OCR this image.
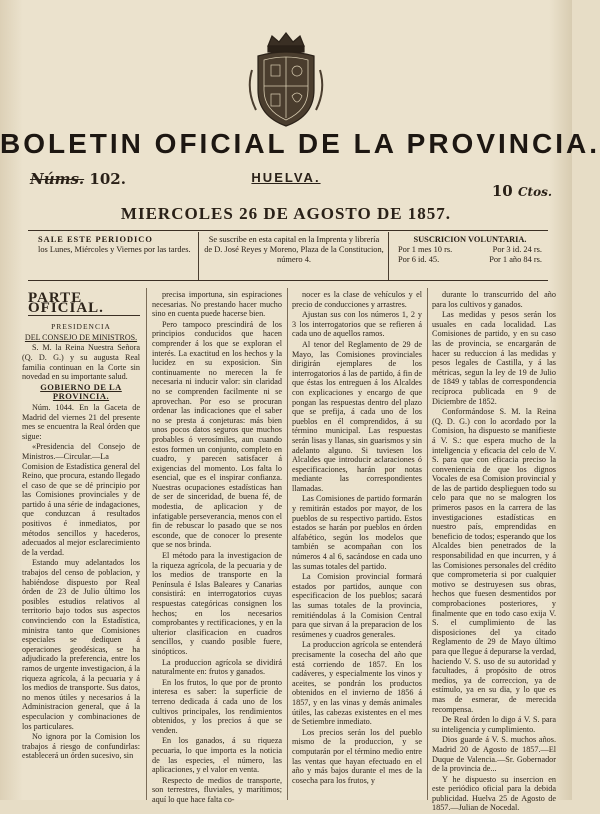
BOLETIN OFICIAL DE LA PROVINCIA.
Núms. 102.	HUELVA.
10 Ctos.
MIERCOLES 26 DE AGOSTO DE 1857.
SALE ESTE PERIODICO
los Lunes, Miércoles y Viernes por las tardes.
Se suscribe en esta capital en la Imprenta y librería de D. José Reyes y Moreno, Plaza de la Constitucion, número 4.
SUSCRICION VOLUNTARIA.
Por 1 mes 10 rs.	Por 3 id. 24 rs.
Por 6 id. 45.	Por 1 año 84 rs.
PARTE OFICIAL.

PRESIDENCIA

DEL CONSEJO DE MINISTROS.

S. M. la Reina Nuestra Señora (Q. D. G.) y su augusta Real familia continuan en la Corte sin novedad en su importante salud.

GOBIERNO DE LA PROVINCIA.

Núm. 1044. En la Gaceta de Madrid del viernes 21 del presente mes se encuentra la Real órden que sigue:

«Presidencia del Consejo de Ministros.—Circular.—La Comision de Estadística general del Reino, que procura, estando llegado el caso de que se dé principio por las Comisiones provinciales y de partido á una série de indagaciones, que conduzcan á resultados positivos é inmediatos, por métodos sencillos y hacederos, adecuados al mejor esclarecimiento de la verdad.

Estando muy adelantados los trabajos del censo de poblacion, y habiéndose dispuesto por Real órden de 23 de Julio último los posibles estudios relativos al territorio bajo todos sus aspectos convinciendo con la Estadística, ministra tanto que Comisiones especiales se dediquen á operaciones geodésicas, se ha adjudicado la preferencia, entre los ramos de urgente investigacion, á la riqueza agrícola, á la pecuaria y á los medios de transporte. Sus datos, no menos útiles y necesarios á la Administracion general, que á la especulacion y combinaciones de los particulares.

No ignora por la Comision los trabajos á riesgo de confundirlas: establecerá un órden sucesivo, sin

precisa importuna, sin espiraciones necesarias. No prestando hacer mucho sino en cuenta puede hacerse bien.

Pero tampoco prescindirá de los principios conducidos que hacen comprender á los que se exploran el interés. La exactitud en los hechos y la lucidez en su exposicion. Sin continuamente no merecen la fe necesaria ni inducir valor: sin claridad no se comprenden facilmente ni se aprovechan. Por eso se procuran ordenar las indicaciones que el saber no se presta á conjeturas: más bien unos pocos datos seguros que muchos probables ó verosímiles, aun cuando estos formen un conjunto, completo en cuadro, y parecen satisfacer á exigencias del momento. Los falta lo esencial, que es el inspirar confianza. Nuestras ocupaciones estadísticas han de ser de sinceridad, de buena fé, de modestia, de aplicacion y de infatigable perseverancia, menos con el fin de rebuscar lo pasado que se nos esconde, que de conocer lo presente que se nos brinda.

El método para la investigacion de la riqueza agrícola, de la pecuaria y de los medios de transporte en la Península é Islas Baleares y Canarias consistirá: en interrogatorios cuyas respuestas categóricas consignen los hechos; en los necesarios comprobantes y rectificaciones, y en la ulterior clasificacion en cuadros sencillos, y cuando posible fuere, sinópticos.

La produccion agrícola se dividirá naturalmente en: frutos y ganados.

En los frutos, lo que por de pronto interesa es saber: la superficie de terreno dedicada á cada uno de los cultivos principales, los rendimientos obtenidos, y los precios á que se venden.

En los ganados, á su riqueza pecuaria, lo que importa es la noticia de las especies, el número, las aplicaciones, y el valor en venta.

Respecto de medios de transporte, son terrestres, fluviales, y marítimos; aquí lo que hace falta co-

nocer es la clase de vehículos y el precio de conducciones y arrastres.

Ajustan sus con los números 1, 2 y 3 los interrogatorios que se refieren á cada uno de aquellos ramos.

Al tenor del Reglamento de 29 de Mayo, las Comisiones provinciales dirigirán ejemplares de los interrogatorios á las de partido, á fin de que éstas los entreguen á los Alcaldes con explicaciones y encargo de que pongan las respuestas dentro del plazo que se prefija, á cada uno de los pueblos en él comprendidos, á su término municipal. Las respuestas serán lisas y llanas, sin guarismos y sin adelanto alguno. Si tuviesen los Alcaldes que introducir aclaraciones ó especificaciones, harán por notas mediante las correspondientes llamadas.

Las Comisiones de partido formarán y remitirán estados por mayor, de los pueblos de su respectivo partido. Estos estados se harán por pueblos en órden alfabético, según los modelos que también se acompañan con los números 4 al 6, sacándose en cada uno las sumas totales del partido.

La Comision provincial formará estados por partidos, aunque con especificacion de los pueblos; sacará las sumas totales de la provincia, remitiéndolas á la Comision Central para que sirvan á la preparacion de los resúmenes y cuadros generales.

La produccion agrícola se entenderá precisamente la cosecha del año que está corriendo de 1857. En los cadáveres, y especialmente los vinos y aceites, se pondrán los productos obtenidos en el invierno de 1856 á 1857, y en las vinas y demás animales útiles, las cabezas existentes en el mes de Setiembre inmediato.

Los precios serán los del pueblo mismo de la produccion, y se computarán por el término medio entre las ventas que hayan efectuado en el año y más bajos durante el mes de la cosecha para los frutos, y

durante lo transcurrido del año para los cultivos y ganados.

Las medidas y pesos serán los usuales en cada localidad. Las Comisiones de partido, y en su caso las de provincia, se encargarán de hacer su reduccion á las medidas y pesos legales de Castilla, y á las métricas, segun la ley de 19 de Julio de 1849 y tablas de correspondencia recíproca publicada en 9 de Diciembre de 1852.

Conformándose S. M. la Reina (Q. D. G.) con lo acordado por la Comision, ha dispuesto se manifieste á V. S.: que espera mucho de la inteligencia y eficacia del celo de V. S. para que con eficacia preciso la conveniencia de que los dignos Vocales de esa Comision provincial y de las de partido desplieguen todo su celo para que no se malogren los primeros pasos en la carrera de las investigaciones estadísticas en nuestro país, emprendidas en beneficio de todos; esperando que los Alcaldes bien penetrados de la responsabilidad en que incurren, y á las Comisiones personales del crédito que comprometeria si por cualquier motivo se destruyesen sus obras, hechos que fuesen desmentidos por comprobaciones posteriores, y finalmente que en todo caso exija V. S. el cumplimiento de las disposiciones del ya citado Reglamento de 29 de Mayo último para que llegue á depurarse la verdad, haciendo V. S. uso de su autoridad y facultades, á propósito de otros medios, ya de correccion, ya de estímulo, ya en su dia, y lo que es mas de esmerar, de merecida recompensa.

De Real órden lo digo á V. S. para su inteligencia y cumplimiento.

Dios guarde á V. S. muchos años. Madrid 20 de Agosto de 1857.—El Duque de Valencia.—Sr. Gobernador de la provincia de...

Y he dispuesto su insercion en este periódico oficial para la debida publicidad. Huelva 25 de Agosto de 1857.—Julian de Nocedal.
